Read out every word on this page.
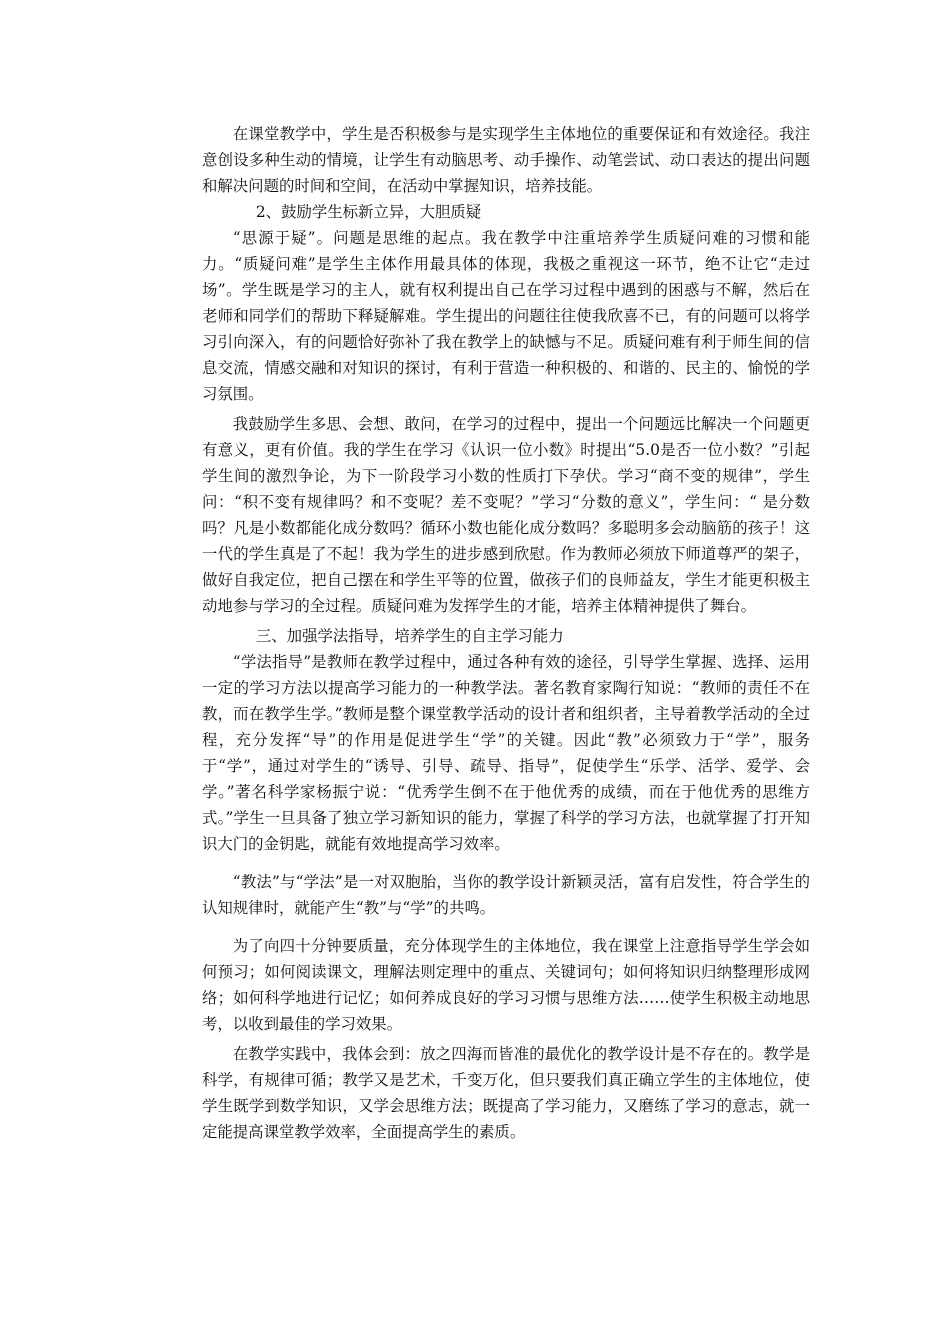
在课堂教学中，学生是否积极参与是实现学生主体地位的重要保证和有效途径。我注意创设多种生动的情境，让学生有动脑思考、动手操作、动笔尝试、动口表达的提出问题和解决问题的时间和空间，在活动中掌握知识，培养技能。

2、鼓励学生标新立异，大胆质疑

“思源于疑”。问题是思维的起点。我在教学中注重培养学生质疑问难的习惯和能力。“质疑问难”是学生主体作用最具体的体现，我极之重视这一环节，绝不让它“走过场”。学生既是学习的主人，就有权利提出自己在学习过程中遇到的困惑与不解，然后在老师和同学们的帮助下释疑解难。学生提出的问题往往使我欣喜不已，有的问题可以将学习引向深入，有的问题恰好弥补了我在教学上的缺憾与不足。质疑问难有利于师生间的信息交流，情感交融和对知识的探讨，有利于营造一种积极的、和谐的、民主的、愉悦的学习氛围。

我鼓励学生多思、会想、敢问，在学习的过程中，提出一个问题远比解决一个问题更有意义，更有价值。我的学生在学习《认识一位小数》时提出“5.0是否一位小数？”引起学生间的激烈争论，为下一阶段学习小数的性质打下孕伏。学习“商不变的规律”，学生问：“积不变有规律吗？和不变呢？差不变呢？”学习“分数的意义”，学生问：“ 是分数吗？凡是小数都能化成分数吗？循环小数也能化成分数吗？多聪明多会动脑筋的孩子！这一代的学生真是了不起！我为学生的进步感到欣慰。作为教师必须放下师道尊严的架子，做好自我定位，把自己摆在和学生平等的位置，做孩子们的良师益友，学生才能更积极主动地参与学习的全过程。质疑问难为发挥学生的才能，培养主体精神提供了舞台。

三、加强学法指导，培养学生的自主学习能力

“学法指导”是教师在教学过程中，通过各种有效的途径，引导学生掌握、选择、运用一定的学习方法以提高学习能力的一种教学法。著名教育家陶行知说：“教师的责任不在教，而在教学生学。”教师是整个课堂教学活动的设计者和组织者，主导着教学活动的全过程，充分发挥“导”的作用是促进学生“学”的关键。因此“教”必须致力于“学”，服务于“学”，通过对学生的“诱导、引导、疏导、指导”，促使学生“乐学、活学、爱学、会学。”著名科学家杨振宁说：“优秀学生倒不在于他优秀的成绩，而在于他优秀的思维方式。”学生一旦具备了独立学习新知识的能力，掌握了科学的学习方法，也就掌握了打开知识大门的金钥匙，就能有效地提高学习效率。

“教法”与“学法”是一对双胞胎，当你的教学设计新颖灵活，富有启发性，符合学生的认知规律时，就能产生“教”与“学”的共鸣。

为了向四十分钟要质量，充分体现学生的主体地位，我在课堂上注意指导学生学会如何预习；如何阅读课文，理解法则定理中的重点、关键词句；如何将知识归纳整理形成网络；如何科学地进行记忆；如何养成良好的学习习惯与思维方法……使学生积极主动地思考，以收到最佳的学习效果。

在教学实践中，我体会到：放之四海而皆准的最优化的教学设计是不存在的。教学是科学，有规律可循；教学又是艺术，千变万化，但只要我们真正确立学生的主体地位，使学生既学到数学知识，又学会思维方法；既提高了学习能力，又磨练了学习的意志，就一定能提高课堂教学效率，全面提高学生的素质。
